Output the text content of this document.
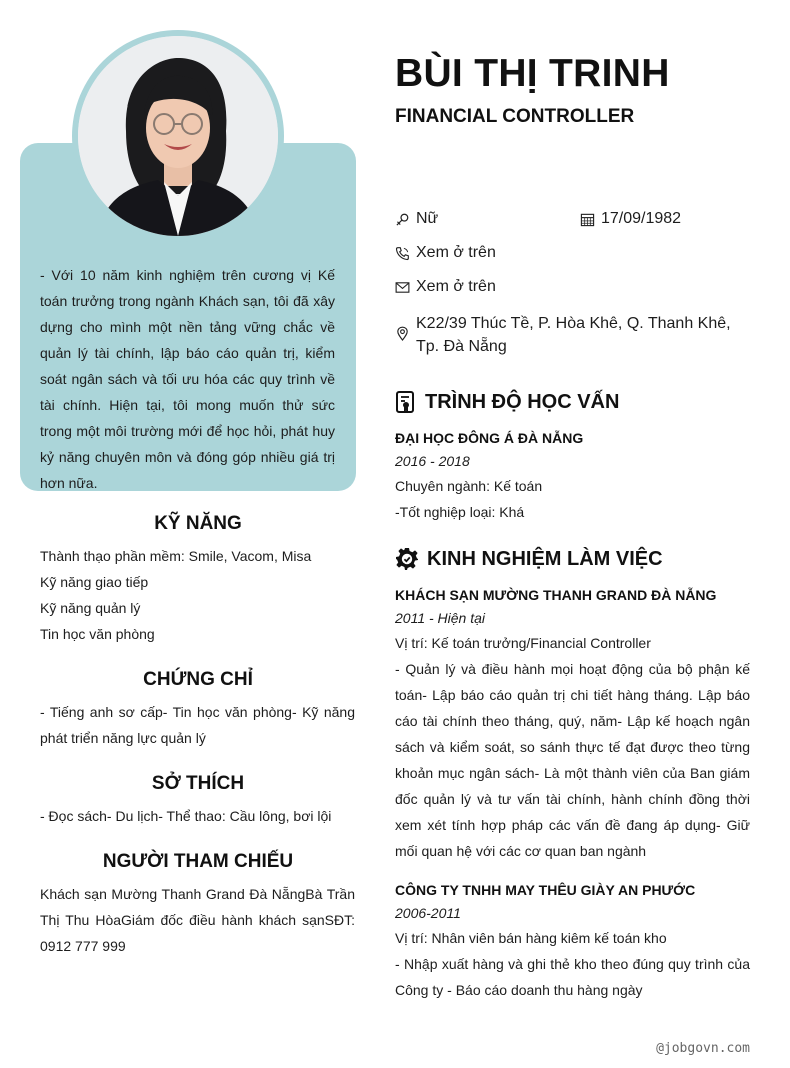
- Với 10 năm kinh nghiệm trên cương vị Kế toán trưởng trong ngành Khách sạn, tôi đã xây dựng cho mình một nền tảng vững chắc về quản lý tài chính, lập báo cáo quản trị, kiểm soát ngân sách và tối ưu hóa các quy trình về tài chính. Hiện tại, tôi mong muốn thử sức trong một môi trường mới để học hỏi, phát huy kỷ năng chuyên môn và đóng góp nhiều giá trị hơn nữa.
KỸ NĂNG
Thành thạo phần mềm: Smile, Vacom, Misa
Kỹ năng giao tiếp
Kỹ năng quản lý
Tin học văn phòng
CHỨNG CHỈ
- Tiếng anh sơ cấp- Tin học văn phòng- Kỹ năng phát triển năng lực quản lý
SỞ THÍCH
- Đọc sách- Du lịch- Thể thao: Cầu lông, bơi lội
NGƯỜI THAM CHIẾU
Khách sạn Mường Thanh Grand Đà NẵngBà Trần Thị Thu HòaGiám đốc điều hành khách sạnSĐT: 0912 777 999
BÙI THỊ TRINH
FINANCIAL CONTROLLER
Nữ	17/09/1982
Xem ở trên
Xem ở trên
K22/39 Thúc Tề, P. Hòa Khê, Q. Thanh Khê, Tp. Đà Nẵng
TRÌNH ĐỘ HỌC VẤN
ĐẠI HỌC ĐÔNG Á ĐÀ NẴNG
2016 - 2018
Chuyên ngành: Kế toán
-Tốt nghiệp loại: Khá
KINH NGHIỆM LÀM VIỆC
KHÁCH SẠN MƯỜNG THANH GRAND ĐÀ NẴNG
2011 - Hiện tại
Vị trí: Kế toán trưởng/Financial Controller
- Quản lý và điều hành mọi hoạt động của bộ phận kế toán- Lập báo cáo quản trị chi tiết hàng tháng. Lập báo cáo tài chính theo tháng, quý, năm- Lập kế hoạch ngân sách và kiểm soát, so sánh thực tế đạt được theo từng khoản mục ngân sách- Là một thành viên của Ban giám đốc quản lý và tư vấn tài chính, hành chính đồng thời xem xét tính hợp pháp các vấn đề đang áp dụng- Giữ mối quan hệ với các cơ quan ban ngành
CÔNG TY TNHH MAY THÊU GIÀY AN PHƯỚC
2006-2011
Vị trí: Nhân viên bán hàng kiêm kế toán kho
- Nhập xuất hàng và ghi thẻ kho theo đúng quy trình của Công ty - Báo cáo doanh thu hàng ngày
@jobgovn.com
